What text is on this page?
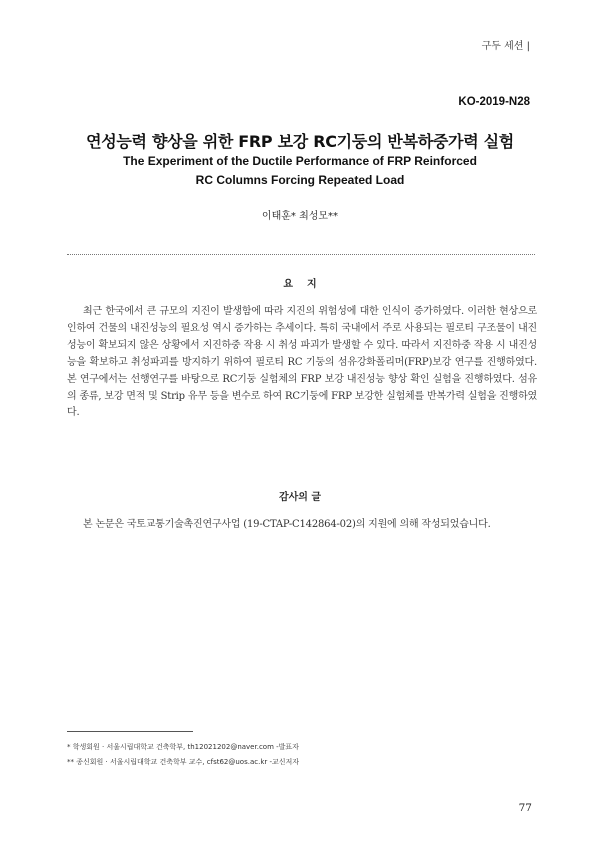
구두 세션 |
KO-2019-N28
연성능력 향상을 위한 FRP 보강 RC기둥의 반복하중가력 실험
The Experiment of the Ductile Performance of FRP Reinforced
RC Columns Forcing Repeated Load
이태훈* 최성모**
요지
최근 한국에서 큰 규모의 지진이 발생함에 따라 지진의 위험성에 대한 인식이 증가하였다. 이러한 현상으로 인하여 건물의 내진성능의 필요성 역시 증가하는 추세이다. 특히 국내에서 주로 사용되는 필로티 구조물이 내진성능이 확보되지 않은 상황에서 지진하중 작용 시 취성 파괴가 발생할 수 있다. 따라서 지진하중 작용 시 내진성능을 확보하고 취성파괴를 방지하기 위하여 필로티 RC 기둥의 섬유강화폴리머(FRP)보강 연구를 진행하였다. 본 연구에서는 선행연구를 바탕으로 RC기둥 실험체의 FRP 보강 내진성능 향상 확인 실험을 진행하였다. 섬유의 종류, 보강 면적 및 Strip 유무 등을 변수로 하여 RC기둥에 FRP 보강한 실험체를 반복가력 실험을 진행하였다.
감사의 글
본 논문은 국토교통기술촉진연구사업 (19-CTAP-C142864-02)의 지원에 의해 작성되었습니다.
* 학생회원 · 서울시립대학교 건축학부, th12021202@naver.com -발표자
** 종신회원 · 서울시립대학교 건축학부 교수, cfst62@uos.ac.kr -교신저자
77
